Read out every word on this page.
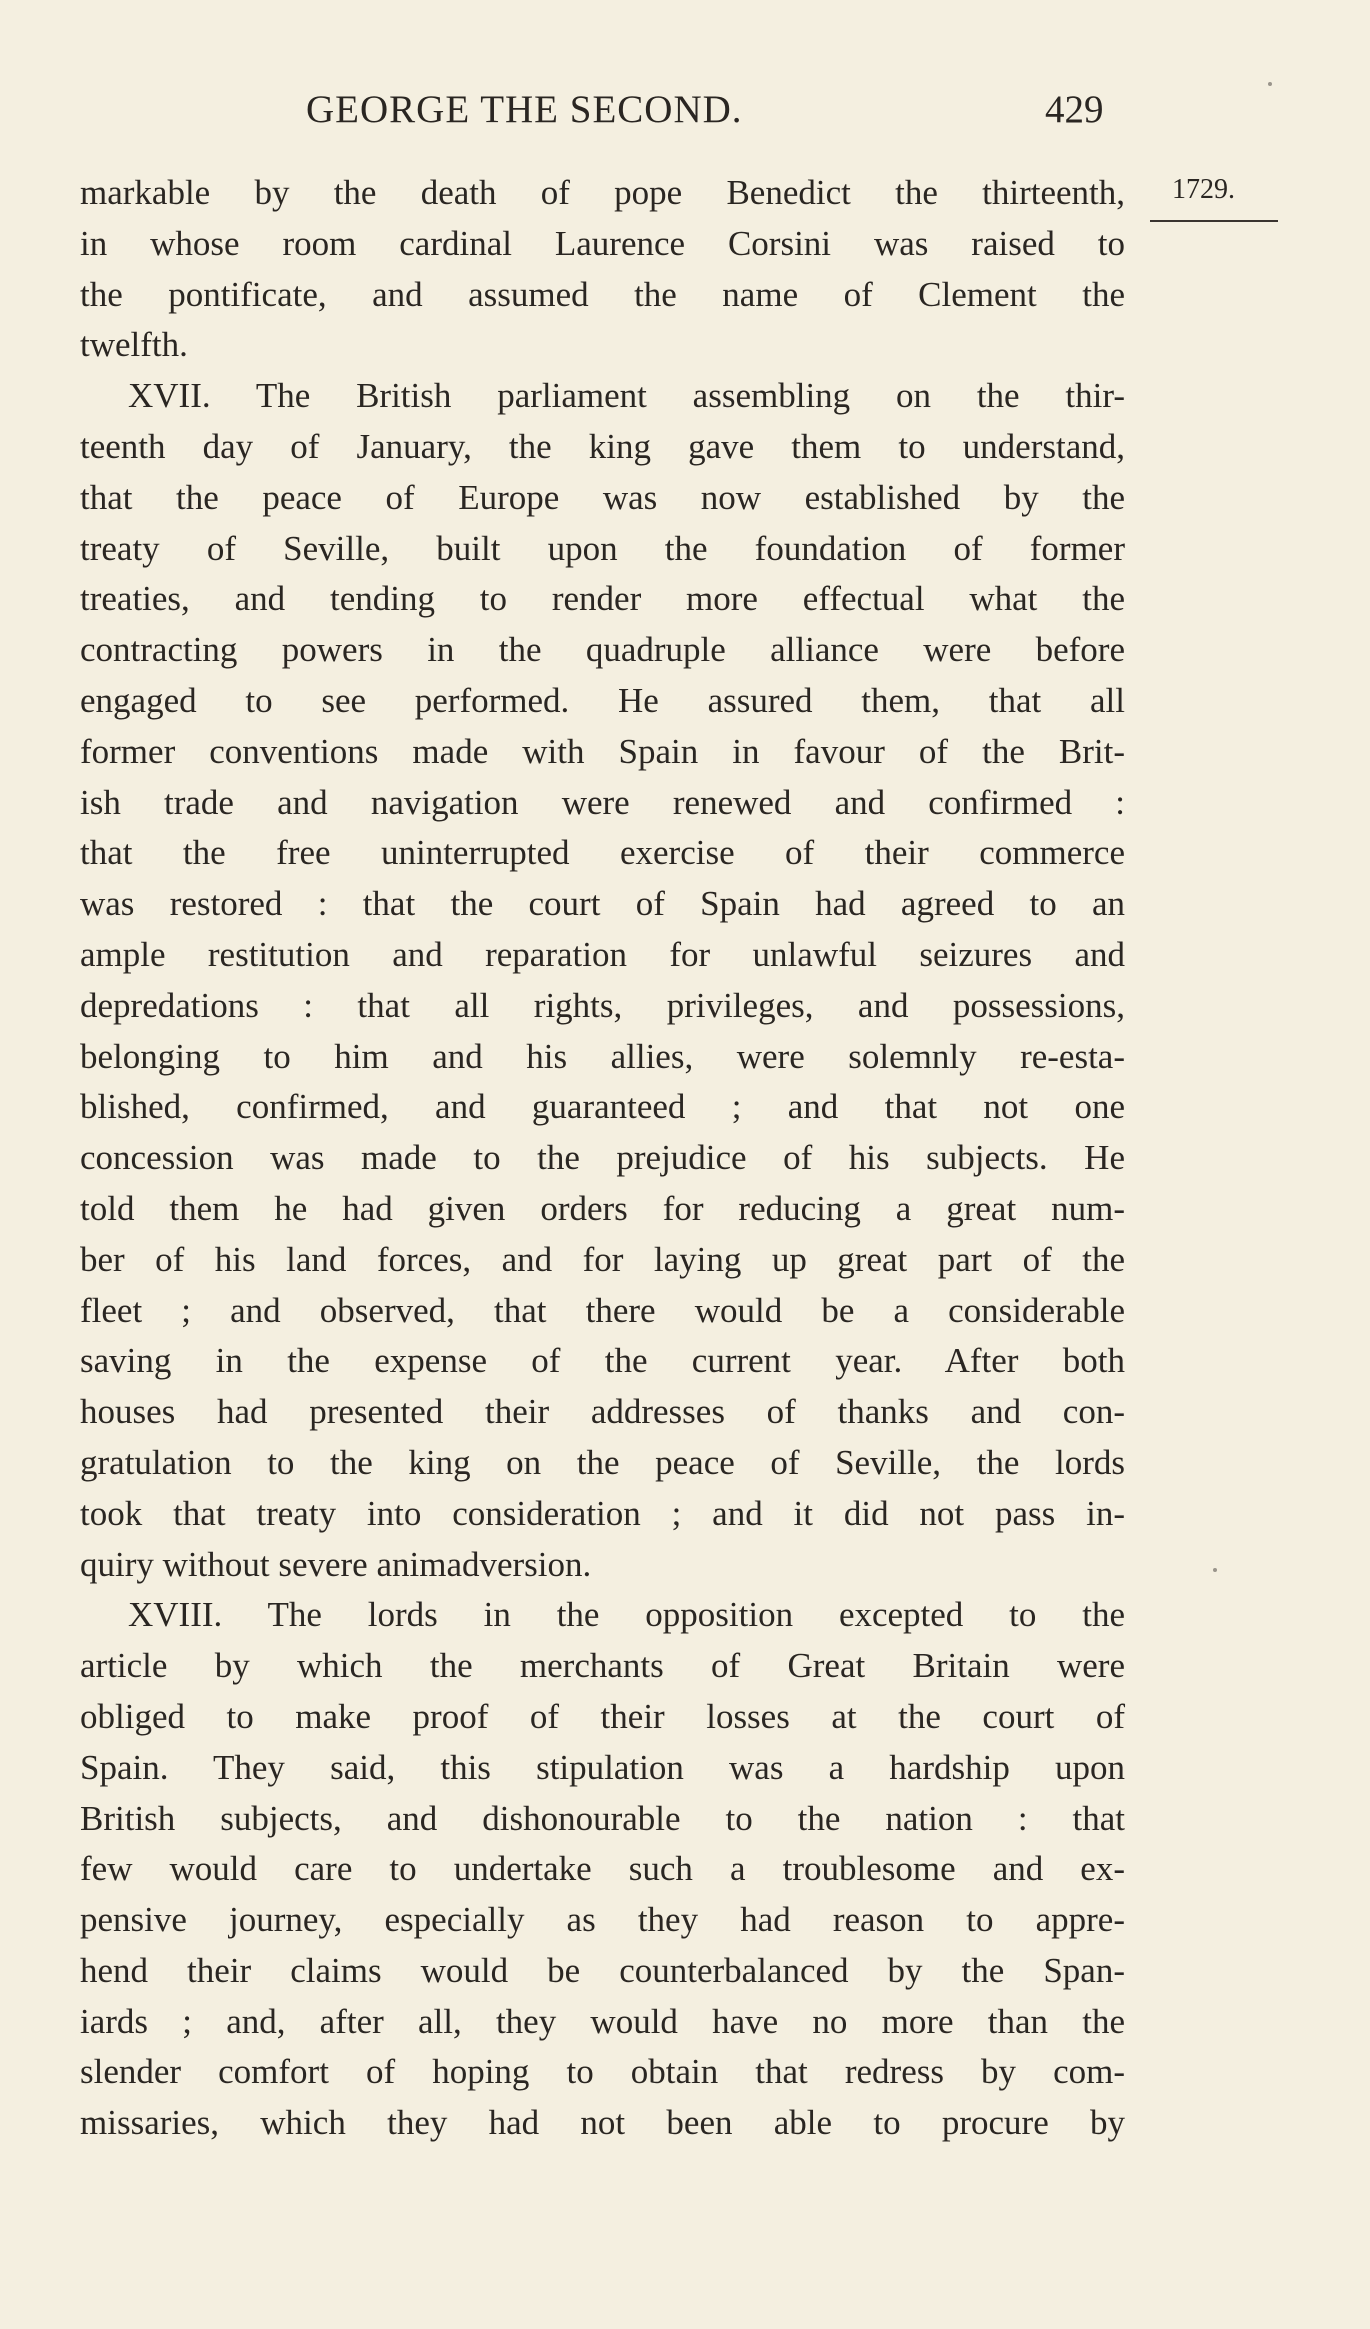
GEORGE THE SECOND.	429
1729.
markable by the death of pope Benedict the thirteenth,
in whose room cardinal Laurence Corsini was raised to
the pontificate, and assumed the name of Clement the
twelfth.
XVII. The British parliament assembling on the thir-
teenth day of January, the king gave them to understand,
that the peace of Europe was now established by the
treaty of Seville, built upon the foundation of former
treaties, and tending to render more effectual what the
contracting powers in the quadruple alliance were before
engaged to see performed. He assured them, that all
former conventions made with Spain in favour of the Brit-
ish trade and navigation were renewed and confirmed :
that the free uninterrupted exercise of their commerce
was restored : that the court of Spain had agreed to an
ample restitution and reparation for unlawful seizures and
depredations : that all rights, privileges, and possessions,
belonging to him and his allies, were solemnly re-esta-
blished, confirmed, and guaranteed ; and that not one
concession was made to the prejudice of his subjects. He
told them he had given orders for reducing a great num-
ber of his land forces, and for laying up great part of the
fleet ; and observed, that there would be a considerable
saving in the expense of the current year. After both
houses had presented their addresses of thanks and con-
gratulation to the king on the peace of Seville, the lords
took that treaty into consideration ; and it did not pass in-
quiry without severe animadversion.
XVIII. The lords in the opposition excepted to the
article by which the merchants of Great Britain were
obliged to make proof of their losses at the court of
Spain. They said, this stipulation was a hardship upon
British subjects, and dishonourable to the nation : that
few would care to undertake such a troublesome and ex-
pensive journey, especially as they had reason to appre-
hend their claims would be counterbalanced by the Span-
iards ; and, after all, they would have no more than the
slender comfort of hoping to obtain that redress by com-
missaries, which they had not been able to procure by
